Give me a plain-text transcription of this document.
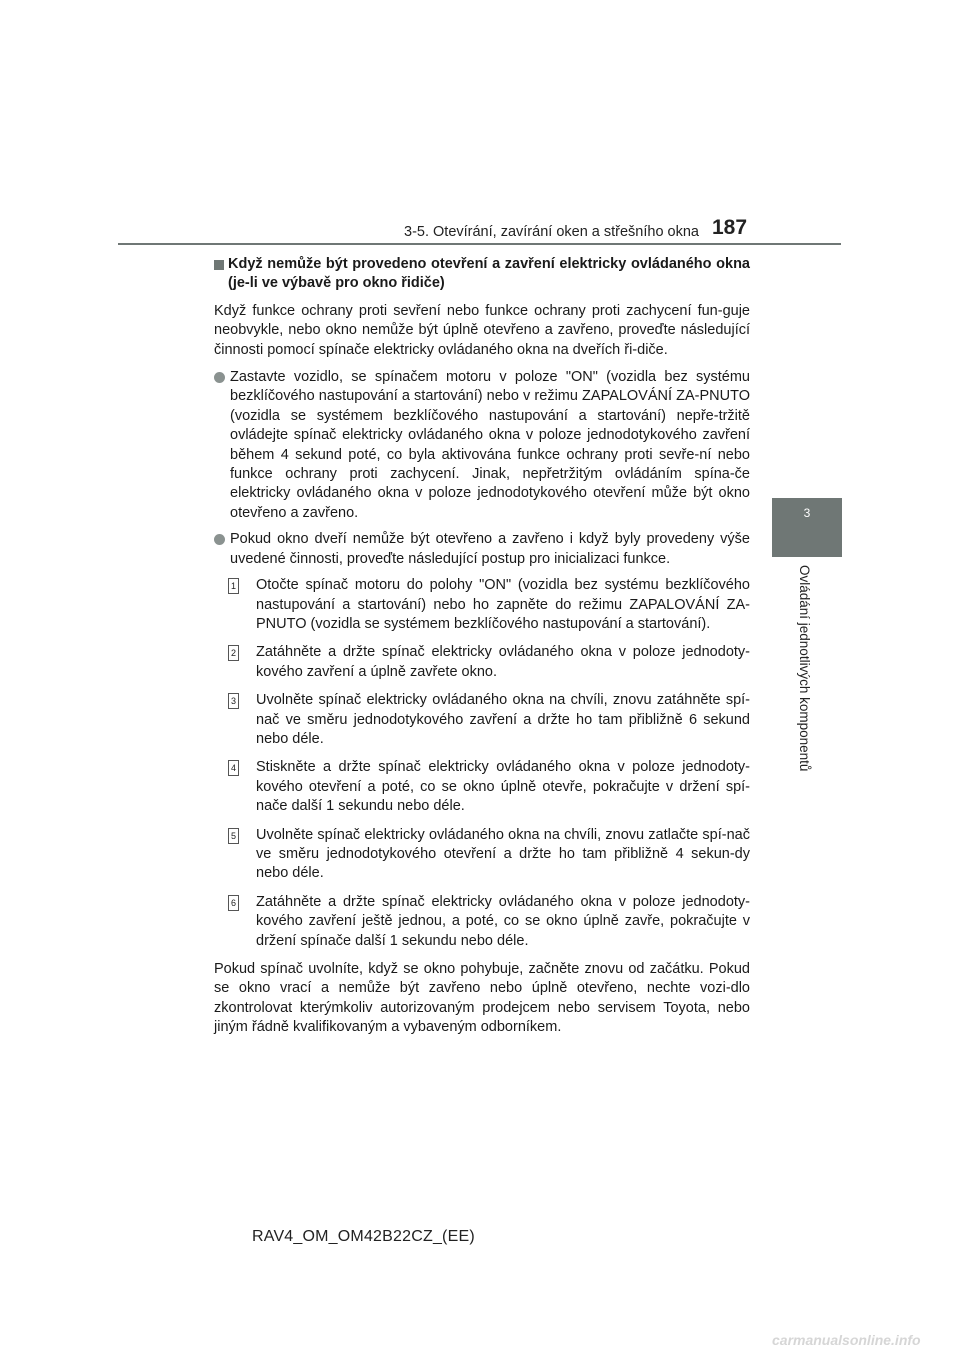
3-5. Otevírání, zavírání oken a střešního okna 187
3
Ovládání jednotlivých komponentů
Když nemůže být provedeno otevření a zavření elektricky ovládaného okna (je-li ve výbavě pro okno řidiče)

Když funkce ochrany proti sevření nebo funkce ochrany proti zachycení fun-guje neobvykle, nebo okno nemůže být úplně otevřeno a zavřeno, proveďte následující činnosti pomocí spínače elektricky ovládaného okna na dveřích ři-diče.

Zastavte vozidlo, se spínačem motoru v poloze "ON" (vozidla bez systému bezklíčového nastupování a startování) nebo v režimu ZAPALOVÁNÍ ZA-PNUTO (vozidla se systémem bezklíčového nastupování a startování) nepře-tržitě ovládejte spínač elektricky ovládaného okna v poloze jednodotykového zavření během 4 sekund poté, co byla aktivována funkce ochrany proti sevře-ní nebo funkce ochrany proti zachycení. Jinak, nepřetržitým ovládáním spína-če elektricky ovládaného okna v poloze jednodotykového otevření může být okno otevřeno a zavřeno.
Pokud okno dveří nemůže být otevřeno a zavřeno i když byly provedeny výše uvedené činnosti, proveďte následující postup pro inicializaci funkce.
1 Otočte spínač motoru do polohy "ON" (vozidla bez systému bezklíčového nastupování a startování) nebo ho zapněte do režimu ZAPALOVÁNÍ ZA-PNUTO (vozidla se systémem bezklíčového nastupování a startování).
2 Zatáhněte a držte spínač elektricky ovládaného okna v poloze jednodoty-kového zavření a úplně zavřete okno.
3 Uvolněte spínač elektricky ovládaného okna na chvíli, znovu zatáhněte spí-nač ve směru jednodotykového zavření a držte ho tam přibližně 6 sekund nebo déle.
4 Stiskněte a držte spínač elektricky ovládaného okna v poloze jednodoty-kového otevření a poté, co se okno úplně otevře, pokračujte v držení spí-nače další 1 sekundu nebo déle.
5 Uvolněte spínač elektricky ovládaného okna na chvíli, znovu zatlačte spí-nač ve směru jednodotykového otevření a držte ho tam přibližně 4 sekun-dy nebo déle.
6 Zatáhněte a držte spínač elektricky ovládaného okna v poloze jednodoty-kového zavření ještě jednou, a poté, co se okno úplně zavře, pokračujte v držení spínače další 1 sekundu nebo déle.

Pokud spínač uvolníte, když se okno pohybuje, začněte znovu od začátku. Pokud se okno vrací a nemůže být zavřeno nebo úplně otevřeno, nechte vozi-dlo zkontrolovat kterýmkoliv autorizovaným prodejcem nebo servisem Toyota, nebo jiným řádně kvalifikovaným a vybaveným odborníkem.

RAV4_OM_OM42B22CZ_(EE)
carmanualsonline.info
